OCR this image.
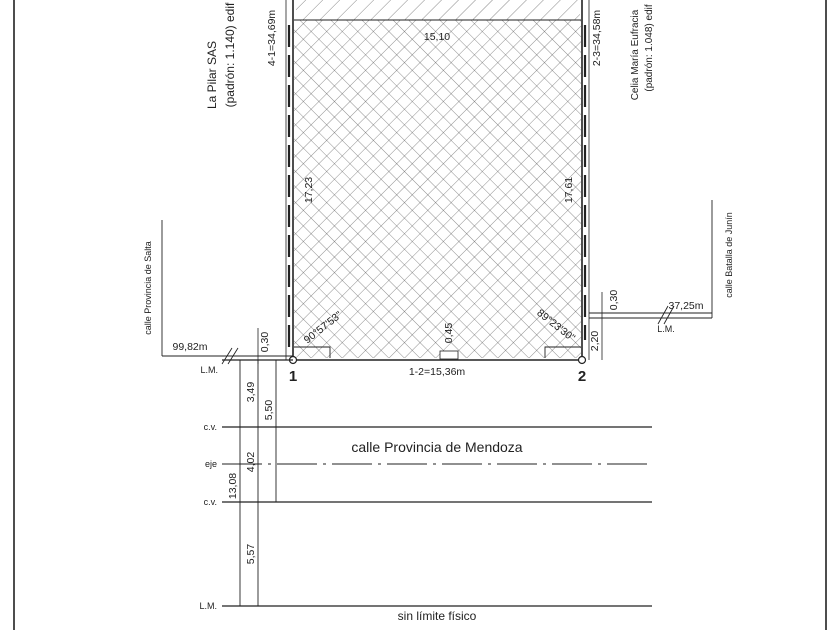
La Pilar SAS (padrón: 1.140) edif	Celia María Eufracia (padrón: 1.048) edif
4-1=34,69m	2-3=34,58m
15,10
17,23	17,61
90°57'53"	89°23'30"
0,45
1-2=15,36m
1	2
calle Provincia de Salta
99,82m	0,30
calle Batalla de Junín
37,25m
L.M.
0,30
2,20
calle Provincia de Mendoza
L.M.
c.v.
eje
c.v.
L.M.
3,49
5,50
4,02
13,08
5,57
sin límite físico
